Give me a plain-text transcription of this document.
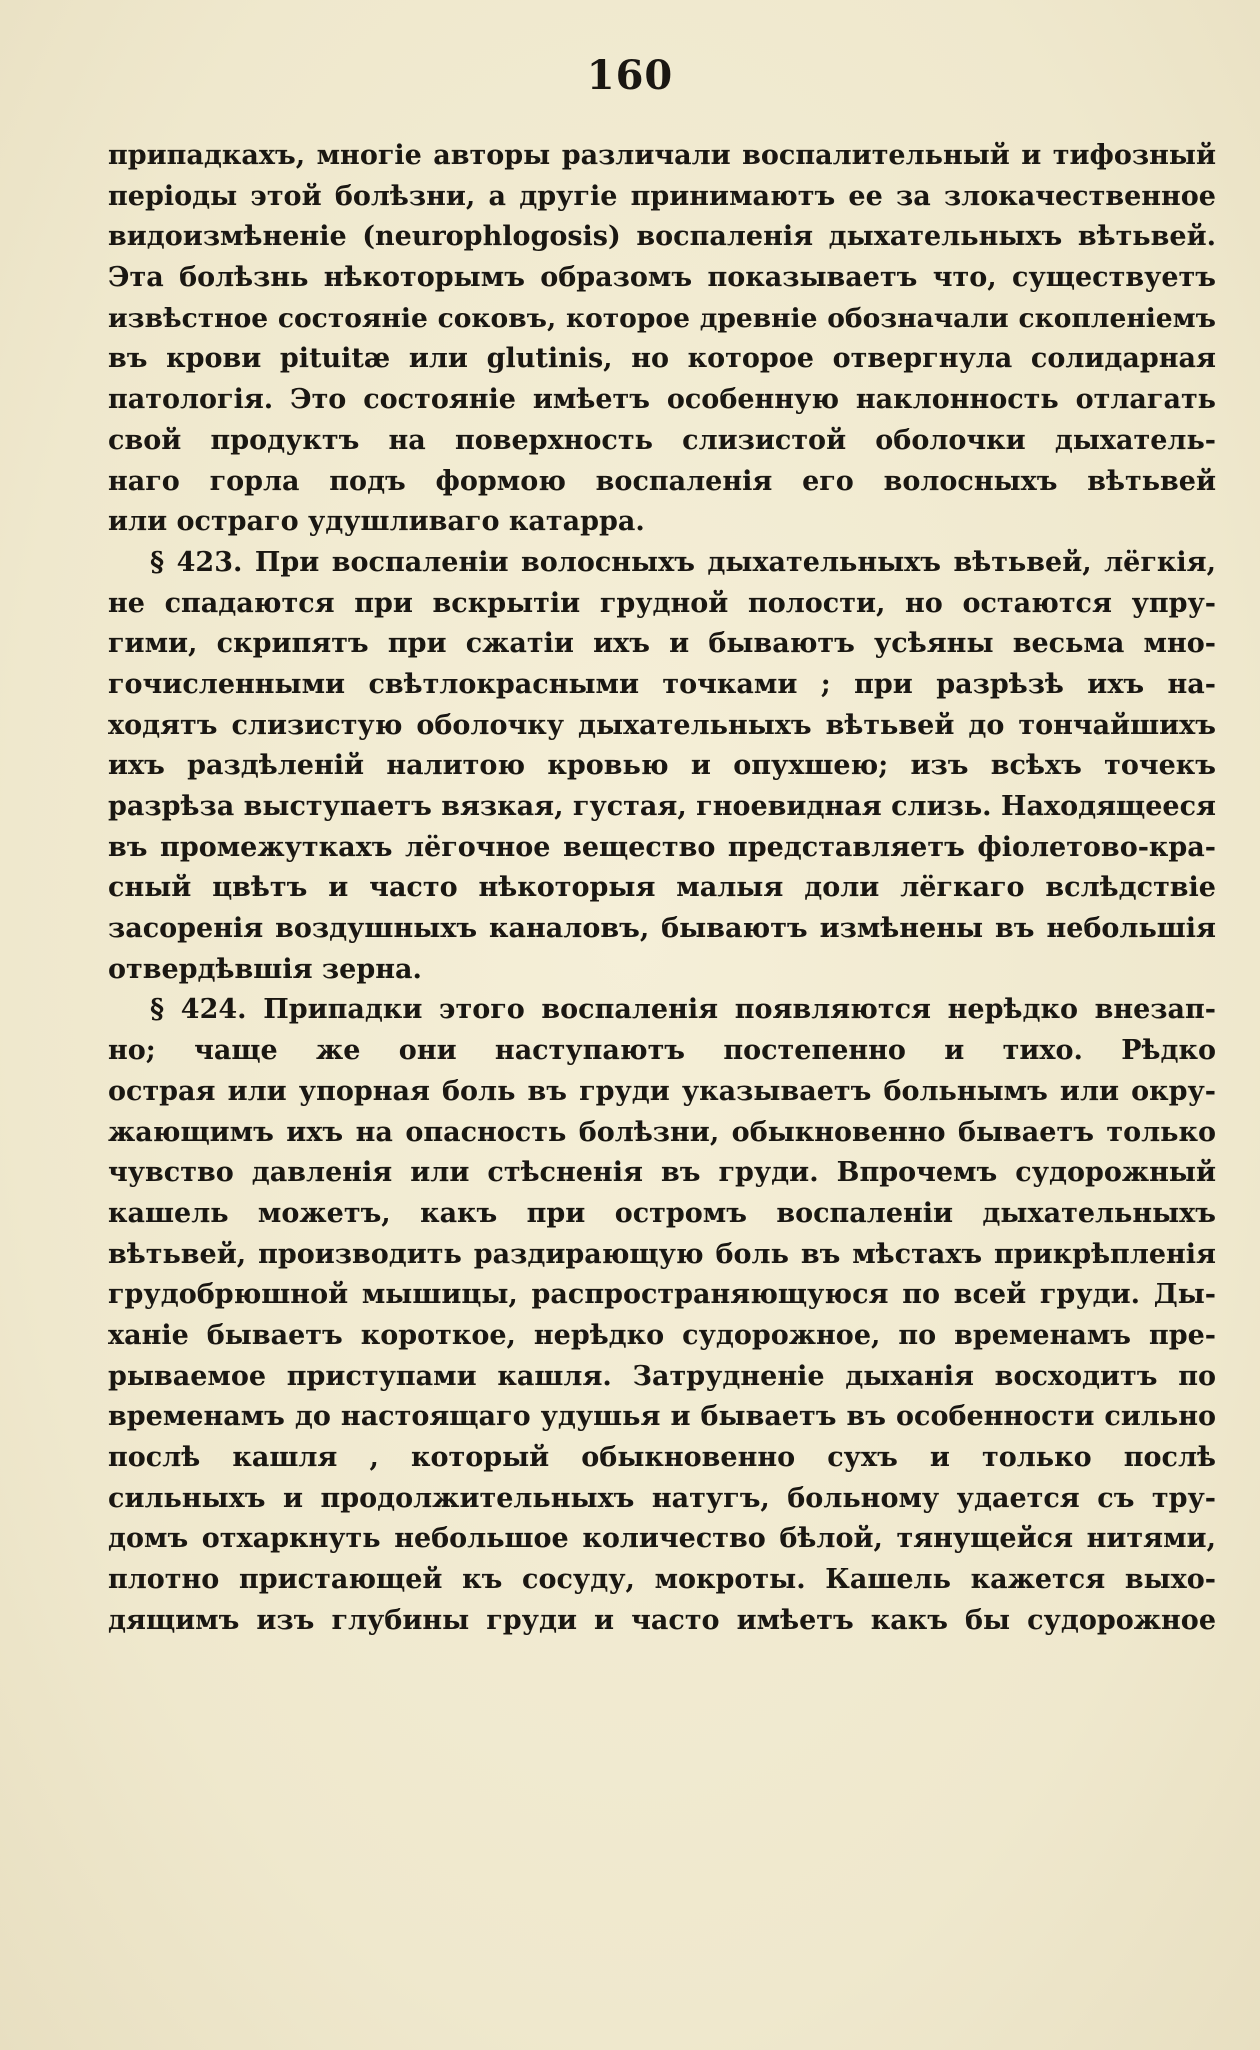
160
припадкахъ, многіе авторы различали воспалительный и тифозный
періоды этой болѣзни, а другіе принимаютъ ее за злокачественное
видоизмѣненіе (neurophlogosis) воспаленія дыхательныхъ вѣтьвей.
Эта болѣзнь нѣкоторымъ образомъ показываетъ что, существуетъ
извѣстное состояніе соковъ, которое древніе обозначали скопленіемъ
въ крови pituitæ или glutinis, но которое отвергнула солидарная
патологія. Это состояніе имѣетъ особенную наклонность отлагать
свой продуктъ на поверхность слизистой оболочки дыхатель-
наго горла подъ формою воспаленія его волосныхъ вѣтьвей
или остраго удушливаго катарра.
§ 423. При воспаленіи волосныхъ дыхательныхъ вѣтьвей, лёгкія,
не спадаются при вскрытіи грудной полости, но остаются упру-
гими, скрипятъ при сжатіи ихъ и бываютъ усѣяны весьма мно-
гочисленными свѣтлокрасными точками ; при разрѣзѣ ихъ на-
ходятъ слизистую оболочку дыхательныхъ вѣтьвей до тончайшихъ
ихъ раздѣленій налитою кровью и опухшею; изъ всѣхъ точекъ
разрѣза выступаетъ вязкая, густая, гноевидная слизь. Находящееся
въ промежуткахъ лёгочное вещество представляетъ фіолетово-кра-
сный цвѣтъ и часто нѣкоторыя малыя доли лёгкаго вслѣдствіе
засоренія воздушныхъ каналовъ, бываютъ измѣнены въ небольшія
отвердѣвшія зерна.
§ 424. Припадки этого воспаленія появляются нерѣдко внезап-
но; чаще же они наступаютъ постепенно и тихо. Рѣдко
острая или упорная боль въ груди указываетъ больнымъ или окру-
жающимъ ихъ на опасность болѣзни, обыкновенно бываетъ только
чувство давленія или стѣсненія въ груди. Впрочемъ судорожный
кашель можетъ, какъ при остромъ воспаленіи дыхательныхъ
вѣтьвей, производить раздирающую боль въ мѣстахъ прикрѣпленія
грудобрюшной мышицы, распространяющуюся по всей груди. Ды-
ханіе бываетъ короткое, нерѣдко судорожное, по временамъ пре-
рываемое приступами кашля. Затрудненіе дыханія восходитъ по
временамъ до настоящаго удушья и бываетъ въ особенности сильно
послѣ кашля , который обыкновенно сухъ и только послѣ
сильныхъ и продолжительныхъ натугъ, больному удается съ тру-
домъ отхаркнуть небольшое количество бѣлой, тянущейся нитями,
плотно пристающей къ сосуду, мокроты. Кашель кажется выхо-
дящимъ изъ глубины груди и часто имѣетъ какъ бы судорожное
